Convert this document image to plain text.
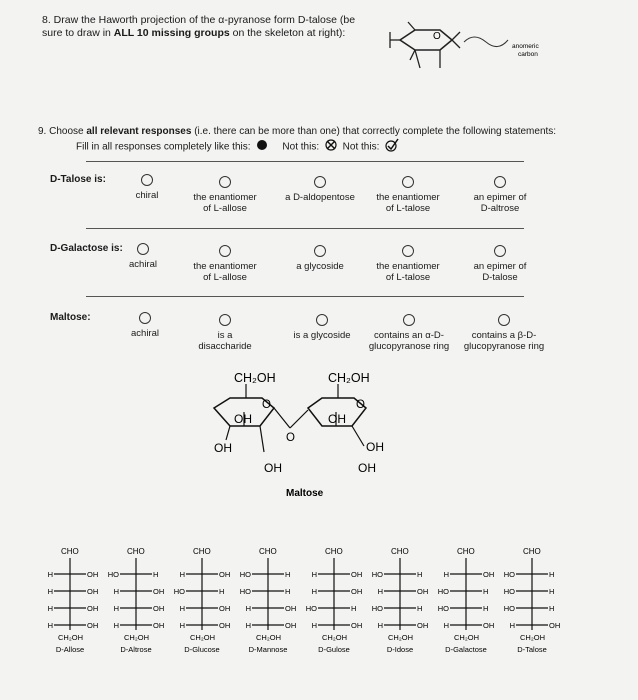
8. Draw the Haworth projection of the α-pyranose form D-talose (be
sure to draw in ALL 10 missing groups on the skeleton at right):	O
anomeric
carbon
9. Choose all relevant responses (i.e. there can be more than one) that correctly complete the following statements:
Fill in all responses completely like this:	Not this: Not this:
D-Talose is:
chiral	the enantiomer
of L-allose
a D-aldopentose	the enantiomer
of L-talose
an epimer of
D-altrose
D-Galactose is:
achiral	the enantiomer
of L-allose
a glycoside	the enantiomer
of L-talose
an epimer of
D-talose
Maltose:
achiral	is a
disaccharide
is a glycoside	contains an α-D-
glucopyranose ring
contains a β-D-
glucopyranose ring
CH₂OH
O
OH
OH
OH
O
CH₂OH
O
OH
OH
OH
Maltose
CHO
H	OH
H	OH
H	OH
H	OH
CH₂OH
D-Allose
CHO
HO	H
H	OH
H	OH
H	OH
CH₂OH
D-Altrose
CHO
H	OH
HO	H
H	OH
H	OH
CH₂OH
D-Glucose
CHO
HO	H
HO	H
H	OH
H	OH
CH₂OH
D-Mannose
CHO
H	OH
H	OH
HO	H
H	OH
CH₂OH
D-Gulose
CHO
HO	H
H	OH
HO	H
H	OH
CH₂OH
D-Idose
CHO
H	OH
HO	H
HO	H
H	OH
CH₂OH
D-Galactose
CHO
HO	H
HO	H
HO	H
H	OH
CH₂OH
D-Talose
